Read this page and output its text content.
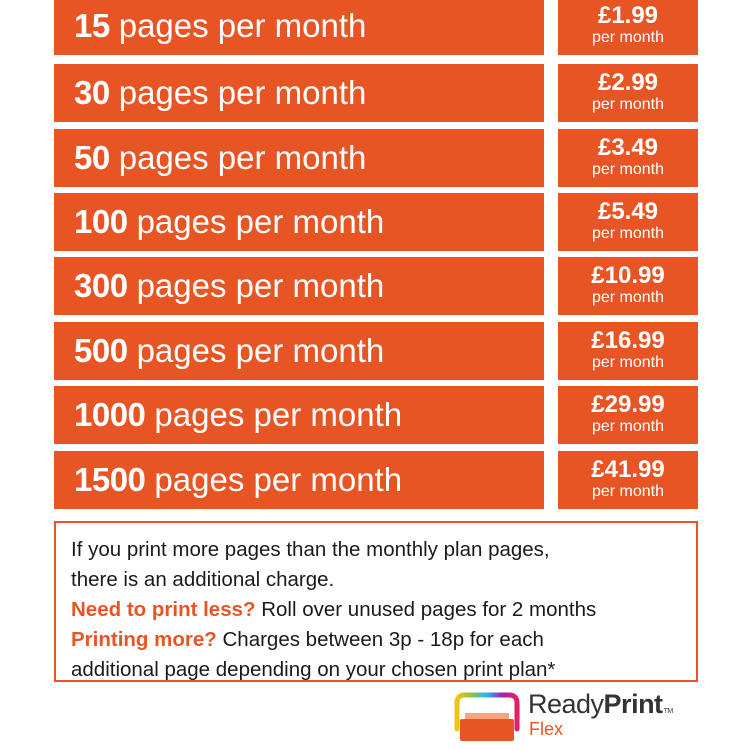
15 pages per month	£1.99
per month
30 pages per month	£2.99
per month
50 pages per month	£3.49
per month
100 pages per month	£5.49
per month
300 pages per month	£10.99
per month
500 pages per month	£16.99
per month
1000 pages per month	£29.99
per month
1500 pages per month	£41.99
per month
If you print more pages than the monthly plan pages,
there is an additional charge.
Need to print less? Roll over unused pages for 2 months
Printing more? Charges between 3p - 18p for each
additional page depending on your chosen print plan*
ReadyPrintTM
Flex
